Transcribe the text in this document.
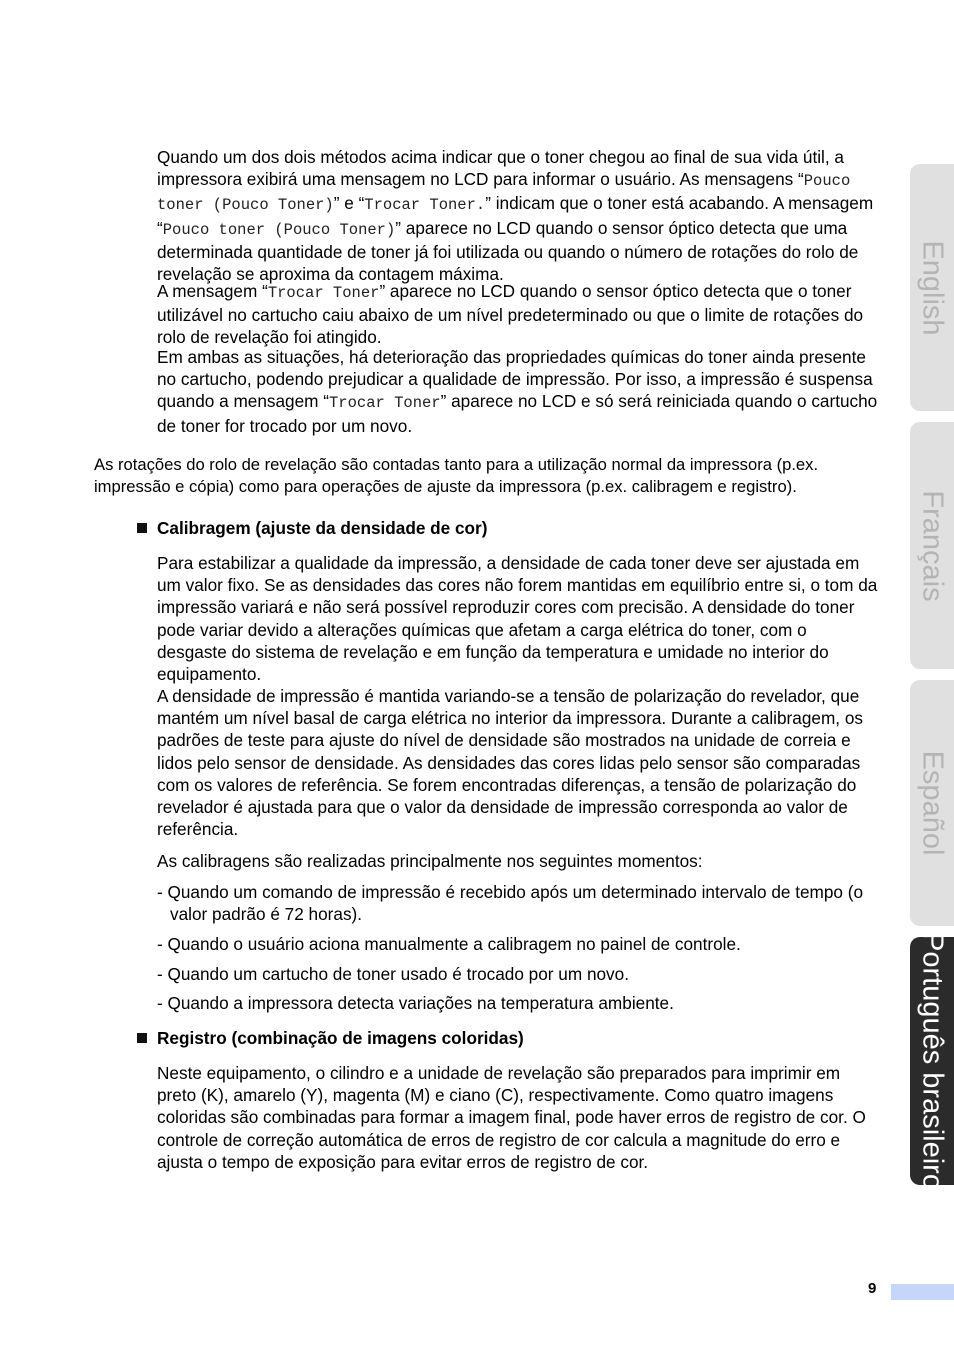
Quando um dos dois métodos acima indicar que o toner chegou ao final de sua vida útil, a impressora exibirá uma mensagem no LCD para informar o usuário. As mensagens “Pouco toner (Pouco Toner)” e “Trocar Toner.” indicam que o toner está acabando. A mensagem “Pouco toner (Pouco Toner)” aparece no LCD quando o sensor óptico detecta que uma determinada quantidade de toner já foi utilizada ou quando o número de rotações do rolo de revelação se aproxima da contagem máxima.

A mensagem “Trocar Toner” aparece no LCD quando o sensor óptico detecta que o toner utilizável no cartucho caiu abaixo de um nível predeterminado ou que o limite de rotações do rolo de revelação foi atingido.

Em ambas as situações, há deterioração das propriedades químicas do toner ainda presente no cartucho, podendo prejudicar a qualidade de impressão. Por isso, a impressão é suspensa quando a mensagem “Trocar Toner” aparece no LCD e só será reiniciada quando o cartucho de toner for trocado por um novo.

As rotações do rolo de revelação são contadas tanto para a utilização normal da impressora (p.ex. impressão e cópia) como para operações de ajuste da impressora (p.ex. calibragem e registro).

Calibragem (ajuste da densidade de cor)

Para estabilizar a qualidade da impressão, a densidade de cada toner deve ser ajustada em um valor fixo. Se as densidades das cores não forem mantidas em equilíbrio entre si, o tom da impressão variará e não será possível reproduzir cores com precisão. A densidade do toner pode variar devido a alterações químicas que afetam a carga elétrica do toner, com o desgaste do sistema de revelação e em função da temperatura e umidade no interior do equipamento.

A densidade de impressão é mantida variando-se a tensão de polarização do revelador, que mantém um nível basal de carga elétrica no interior da impressora. Durante a calibragem, os padrões de teste para ajuste do nível de densidade são mostrados na unidade de correia e lidos pelo sensor de densidade. As densidades das cores lidas pelo sensor são comparadas com os valores de referência. Se forem encontradas diferenças, a tensão de polarização do revelador é ajustada para que o valor da densidade de impressão corresponda ao valor de referência.

As calibragens são realizadas principalmente nos seguintes momentos:

- Quando um comando de impressão é recebido após um determinado intervalo de tempo (o valor padrão é 72 horas).

- Quando o usuário aciona manualmente a calibragem no painel de controle.

- Quando um cartucho de toner usado é trocado por um novo.

- Quando a impressora detecta variações na temperatura ambiente.

Registro (combinação de imagens coloridas)

Neste equipamento, o cilindro e a unidade de revelação são preparados para imprimir em preto (K), amarelo (Y), magenta (M) e ciano (C), respectivamente. Como quatro imagens coloridas são combinadas para formar a imagem final, pode haver erros de registro de cor. O controle de correção automática de erros de registro de cor calcula a magnitude do erro e ajusta o tempo de exposição para evitar erros de registro de cor.

English
Français
Español
Português brasileiro
9
